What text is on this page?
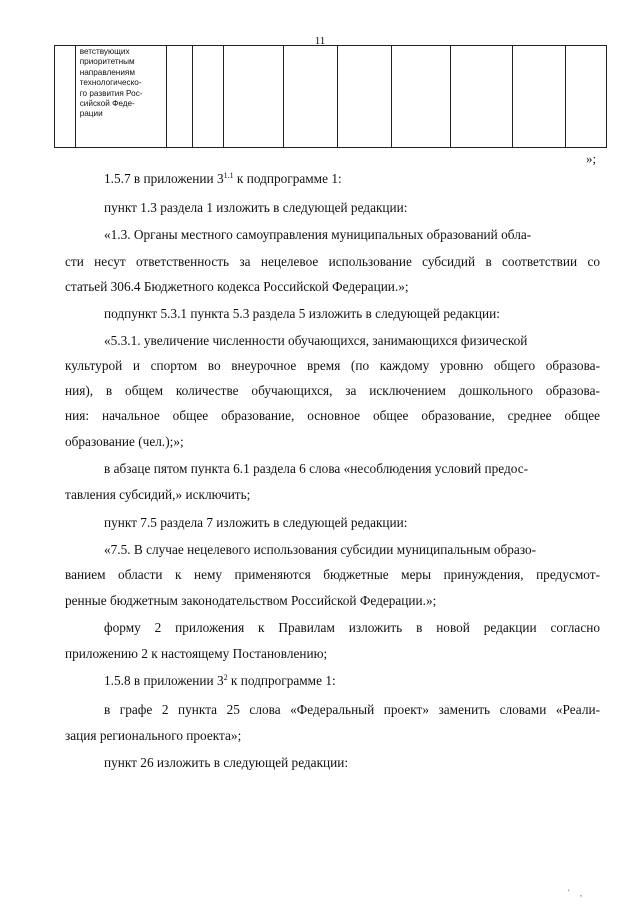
11
	ветствующих
приоритетным
направлениям
технологическо-
го развития Рос-
сийской Феде-
рации									
»;
1.5.7 в приложении $3^{1.1}$ к подпрограмме 1:
пункт 1.3 раздела 1 изложить в следующей редакции:
«1.3. Органы местного самоуправления муниципальных образований обла-
сти несут ответственность за нецелевое использование субсидий в соответствии со
статьей 306.4 Бюджетного кодекса Российской Федерации.»;
подпункт 5.3.1 пункта 5.3 раздела 5 изложить в следующей редакции:
«5.3.1. увеличение численности обучающихся, занимающихся физической
культурой и спортом во внеурочное время (по каждому уровню общего образова-
ния), в общем количестве обучающихся, за исключением дошкольного образова-
ния: начальное общее образование, основное общее образование, среднее общее
образование (чел.);»;
в абзаце пятом пункта 6.1 раздела 6 слова «несоблюдения условий предос-
тавления субсидий,» исключить;
пункт 7.5 раздела 7 изложить в следующей редакции:
«7.5. В случае нецелевого использования субсидии муниципальным образо-
ванием области к нему применяются бюджетные меры принуждения, предусмот-
ренные бюджетным законодательством Российской Федерации.»;
форму 2 приложения к Правилам изложить в новой редакции согласно
приложению 2 к настоящему Постановлению;
1.5.8 в приложении $3^2$ к подпрограмме 1:
в графе 2 пункта 25 слова «Федеральный проект» заменить словами «Реали-
зация регионального проекта»;
пункт 26 изложить в следующей редакции:
' ,
